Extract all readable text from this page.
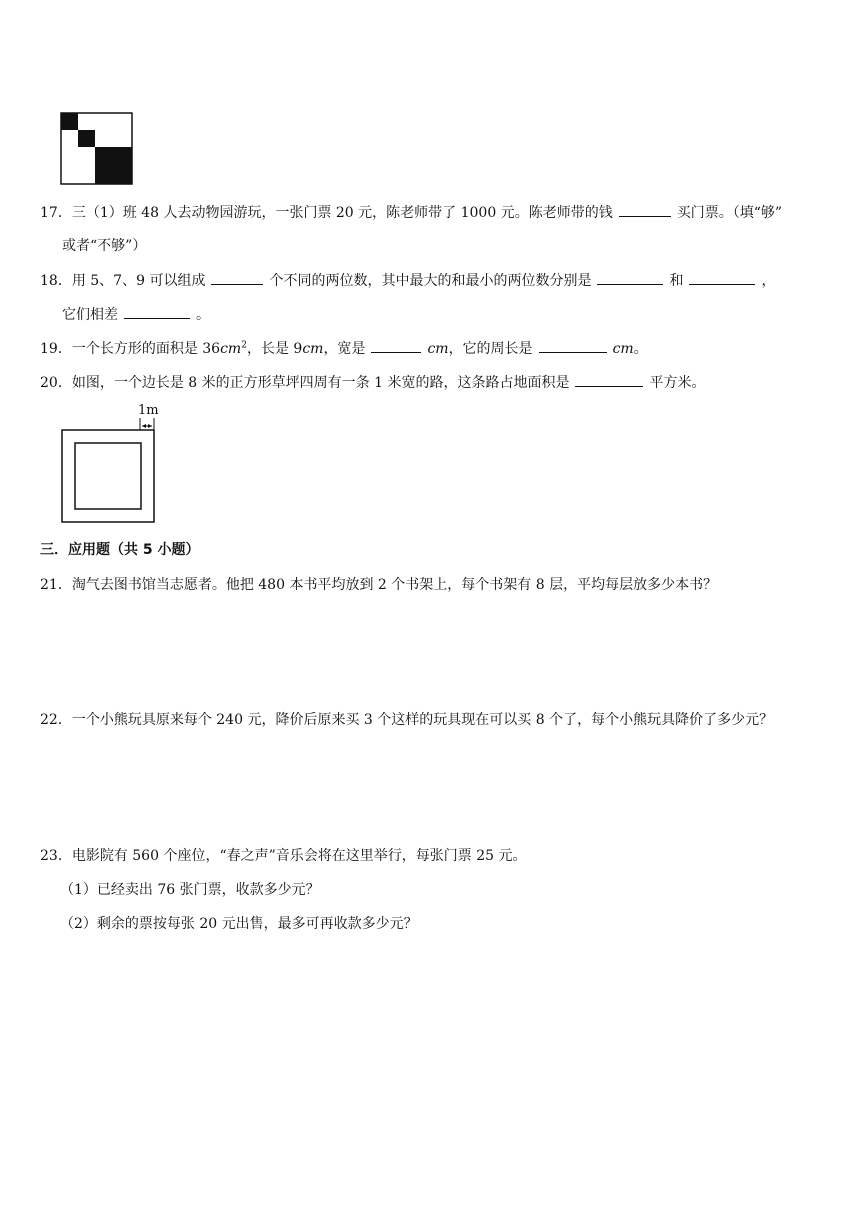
17．三（1）班 48 人去动物园游玩，一张门票 20 元，陈老师带了 1000 元。陈老师带的钱	买门票。（填“够”
或者“不够”）
18．用 5、7、9 可以组成	个不同的两位数，其中最大的和最小的两位数分别是	和	，
它们相差	。
19．一个长方形的面积是 $36cm^2$，长是 9cm，宽是	cm，它的周长是	cm。
20．如图，一个边长是 8 米的正方形草坪四周有一条 1 米宽的路，这条路占地面积是	平方米。
1m
三．应用题（共 5 小题）
21．淘气去图书馆当志愿者。他把 480 本书平均放到 2 个书架上，每个书架有 8 层，平均每层放多少本书？
22．一个小熊玩具原来每个 240 元，降价后原来买 3 个这样的玩具现在可以买 8 个了，每个小熊玩具降价了多少元？
23．电影院有 560 个座位，“春之声”音乐会将在这里举行，每张门票 25 元。
（1）已经卖出 76 张门票，收款多少元？
（2）剩余的票按每张 20 元出售，最多可再收款多少元？
